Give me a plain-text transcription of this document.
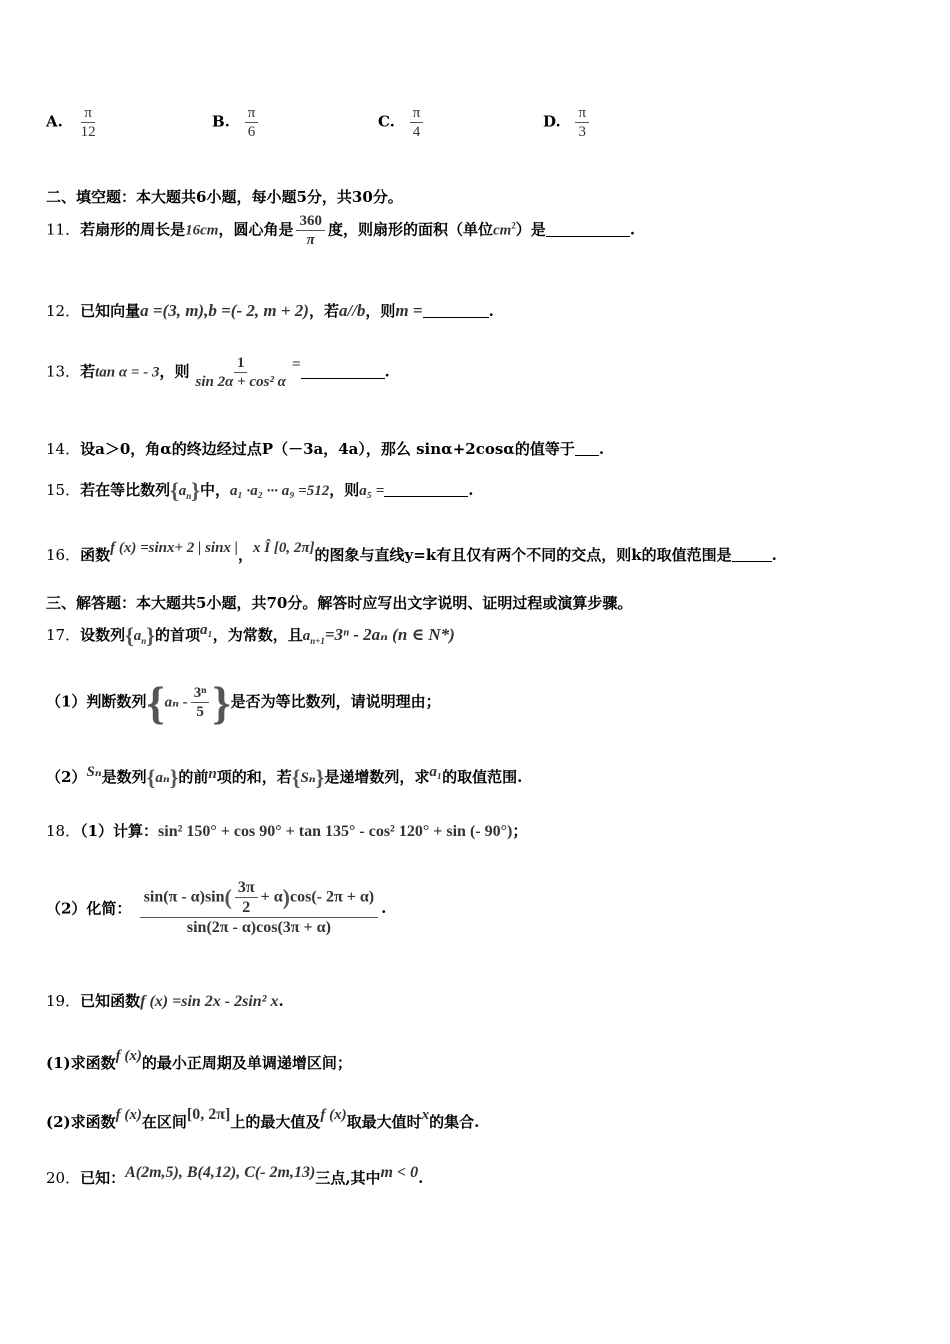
A. $\frac{\pi}{12}$	B. $\frac{\pi}{6}$	C. $\frac{\pi}{4}$	D. $\frac{\pi}{3}$
二、填空题：本大题共6小题，每小题5分，共30分。
11．若扇形的周长是16cm，圆心角是 $\frac{360}{\pi}$ 度，则扇形的面积（单位$cm^2$）是	.
12．已知向量a =(3, m),b =(- 2, m + 2)，若a//b，则m =	.
13．若tan α = - 3，则 $\frac{1}{\text{sin 2α + cos² α}}$ =	.
14．设a＞0，角α的终边经过点P（－3a，4a），那么 sinα+2cosα的值等于 .
15．若在等比数列$\{a_n\}$中，a₁ ·a₂ ··· a₉ =512，则a₅ =	.
16．函数f (x) =sinx+ 2 | sinx |，x Î [0, 2π]的图象与直线y=k有且仅有两个不同的交点，则k的取值范围是	.
三、解答题：本大题共5小题，共70分。解答时应写出文字说明、证明过程或演算步骤。
17．设数列$\{a_n\}$的首项a₁，为常数，且$a_{n+1}=3^n - 2a_n$ (n ∈ N*)
（1）判断数列{$a_n - \frac{\text{3ⁿ}}{5}$ }是否为等比数列，请说明理由；
（2）Sₙ是数列{aₙ}的前n项的和，若{Sₙ}是递增数列，求a₁的取值范围.
18．（1）计算：sin² 150° + cos 90° + tan 135° - cos² 120° + sin (- 90°)；
（2）化简： $\frac{\sin(\pi - \alpha)\sin( \frac{3\pi}{2} + \alpha)\cos(- 2\pi + \alpha)}{\sin(2\pi - \alpha)\cos(3\pi + \alpha)}$ .
19．已知函数f (x) =sin 2x - 2sin² x.
(1)求函数f (x)的最小正周期及单调递增区间；
(2)求函数f (x)在区间[0, 2π]上的最大值及f (x)取最大值时x的集合.
20．已知：A(2m,5), B(4,12), C(- 2m,13)三点,其中m < 0.
